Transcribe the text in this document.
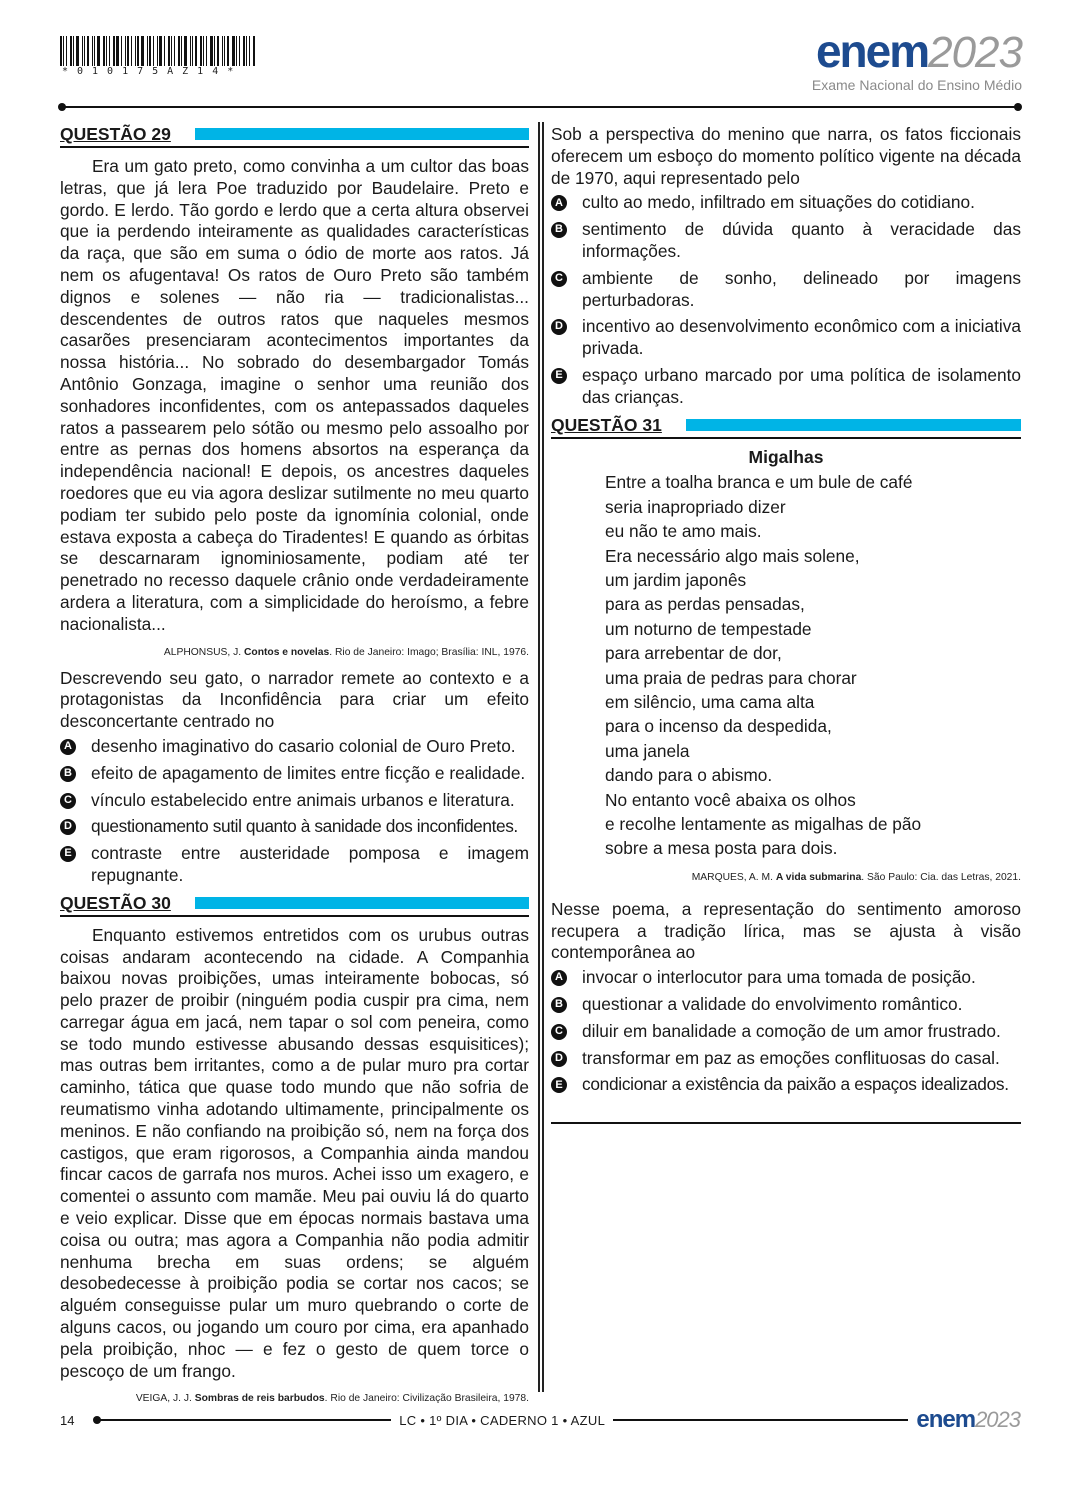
*010175AZ14*	enem 2023
Exame Nacional do Ensino Médio
QUESTÃO 29

Era um gato preto, como convinha a um cultor das boas letras, que já lera Poe traduzido por Baudelaire. Preto e gordo. E lerdo. Tão gordo e lerdo que a certa altura observei que ia perdendo inteiramente as qualidades características da raça, que são em suma o ódio de morte aos ratos. Já nem os afugentava! Os ratos de Ouro Preto são também dignos e solenes — não ria — tradicionalistas... descendentes de outros ratos que naqueles mesmos casarões presenciaram acontecimentos importantes da nossa história... No sobrado do desembargador Tomás Antônio Gonzaga, imagine o senhor uma reunião dos sonhadores inconfidentes, com os antepassados daqueles ratos a passearem pelo sótão ou mesmo pelo assoalho por entre as pernas dos homens absortos na esperança da independência nacional! E depois, os ancestres daqueles roedores que eu via agora deslizar sutilmente no meu quarto podiam ter subido pelo poste da ignomínia colonial, onde estava exposta a cabeça do Tiradentes! E quando as órbitas se descarnaram ignominiosamente, podiam até ter penetrado no recesso daquele crânio onde verdadeiramente ardera a literatura, com a simplicidade do heroísmo, a febre nacionalista...

ALPHONSUS, J. Contos e novelas. Rio de Janeiro: Imago; Brasília: INL, 1976.

Descrevendo seu gato, o narrador remete ao contexto e a protagonistas da Inconfidência para criar um efeito desconcertante centrado no

A desenho imaginativo do casario colonial de Ouro Preto.
B efeito de apagamento de limites entre ficção e realidade.
C vínculo estabelecido entre animais urbanos e literatura.
D questionamento sutil quanto à sanidade dos inconfidentes.
E contraste entre austeridade pomposa e imagem repugnante.
QUESTÃO 30

Enquanto estivemos entretidos com os urubus outras coisas andaram acontecendo na cidade. A Companhia baixou novas proibições, umas inteiramente bobocas, só pelo prazer de proibir (ninguém podia cuspir pra cima, nem carregar água em jacá, nem tapar o sol com peneira, como se todo mundo estivesse abusando dessas esquisitices); mas outras bem irritantes, como a de pular muro pra cortar caminho, tática que quase todo mundo que não sofria de reumatismo vinha adotando ultimamente, principalmente os meninos. E não confiando na proibição só, nem na força dos castigos, que eram rigorosos, a Companhia ainda mandou fincar cacos de garrafa nos muros. Achei isso um exagero, e comentei o assunto com mamãe. Meu pai ouviu lá do quarto e veio explicar. Disse que em épocas normais bastava uma coisa ou outra; mas agora a Companhia não podia admitir nenhuma brecha em suas ordens; se alguém desobedecesse à proibição podia se cortar nos cacos; se alguém conseguisse pular um muro quebrando o corte de alguns cacos, ou jogando um couro por cima, era apanhado pela proibição, nhoc — e fez o gesto de quem torce o pescoço de um frango.

VEIGA, J. J. Sombras de reis barbudos. Rio de Janeiro: Civilização Brasileira, 1978.

Sob a perspectiva do menino que narra, os fatos ficcionais oferecem um esboço do momento político vigente na década de 1970, aqui representado pelo

A culto ao medo, infiltrado em situações do cotidiano.
B sentimento de dúvida quanto à veracidade das informações.
C ambiente de sonho, delineado por imagens perturbadoras.
D incentivo ao desenvolvimento econômico com a iniciativa privada.
E espaço urbano marcado por uma política de isolamento das crianças.
QUESTÃO 31
Migalhas
Entre a toalha branca e um bule de café
seria inapropriado dizer
eu não te amo mais.
Era necessário algo mais solene,
um jardim japonês
para as perdas pensadas,
um noturno de tempestade
para arrebentar de dor,
uma praia de pedras para chorar
em silêncio, uma cama alta
para o incenso da despedida,
uma janela
dando para o abismo.
No entanto você abaixa os olhos
e recolhe lentamente as migalhas de pão
sobre a mesa posta para dois.

MARQUES, A. M. A vida submarina. São Paulo: Cia. das Letras, 2021.

Nesse poema, a representação do sentimento amoroso recupera a tradição lírica, mas se ajusta à visão contemporânea ao

A invocar o interlocutor para uma tomada de posição.
B questionar a validade do envolvimento romântico.
C diluir em banalidade a comoção de um amor frustrado.
D transformar em paz as emoções conflituosas do casal.
E condicionar a existência da paixão a espaços idealizados.
14	LC • 1º DIA • CADERNO 1 • AZUL	enem 2023
